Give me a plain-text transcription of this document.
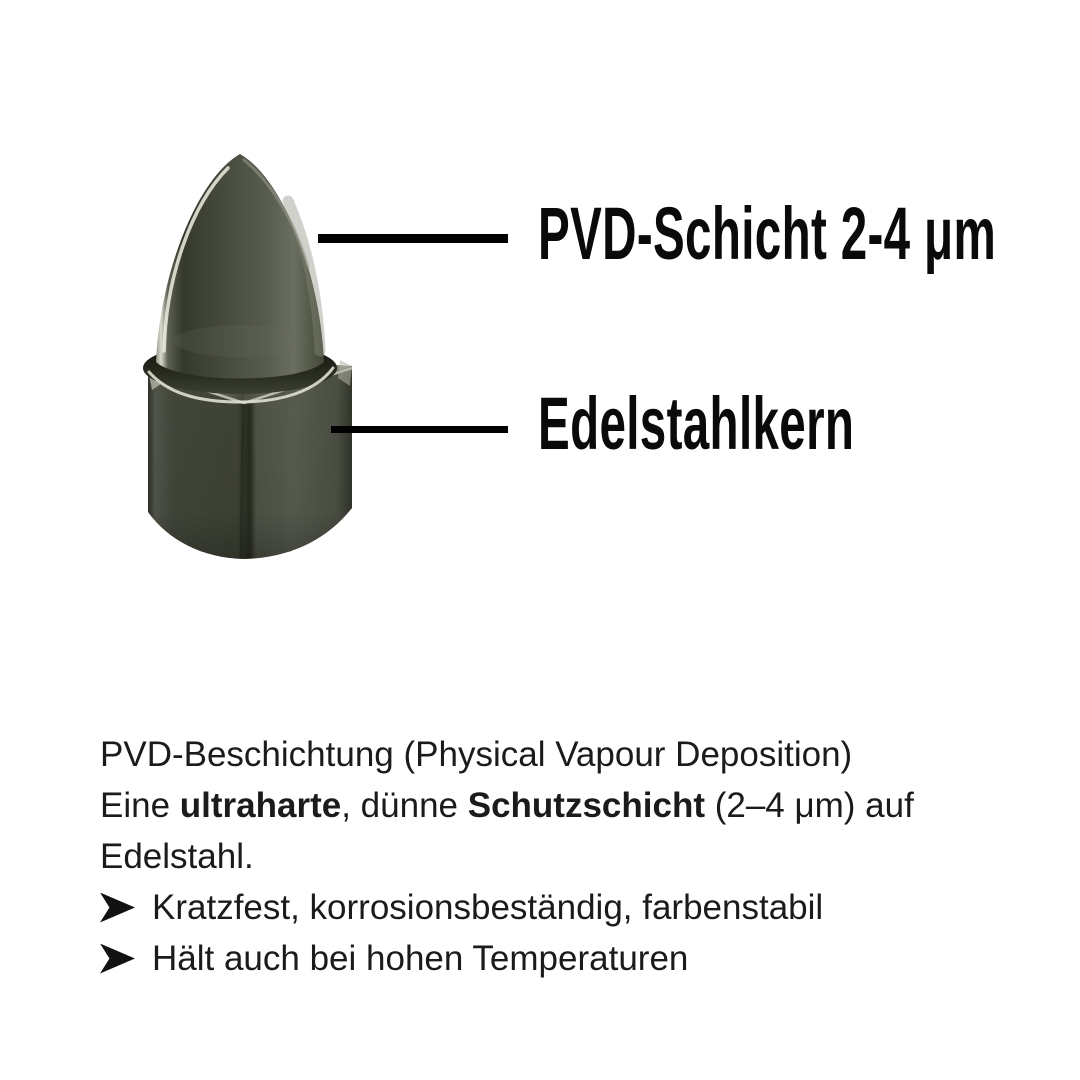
PVD-Schicht 2-4 μm
Edelstahlkern
PVD-Beschichtung (Physical Vapour Deposition)
Eine ultraharte, dünne Schutzschicht (2–4 μm) auf
Edelstahl.
Kratzfest, korrosionsbeständig, farbenstabil
Hält auch bei hohen Temperaturen
